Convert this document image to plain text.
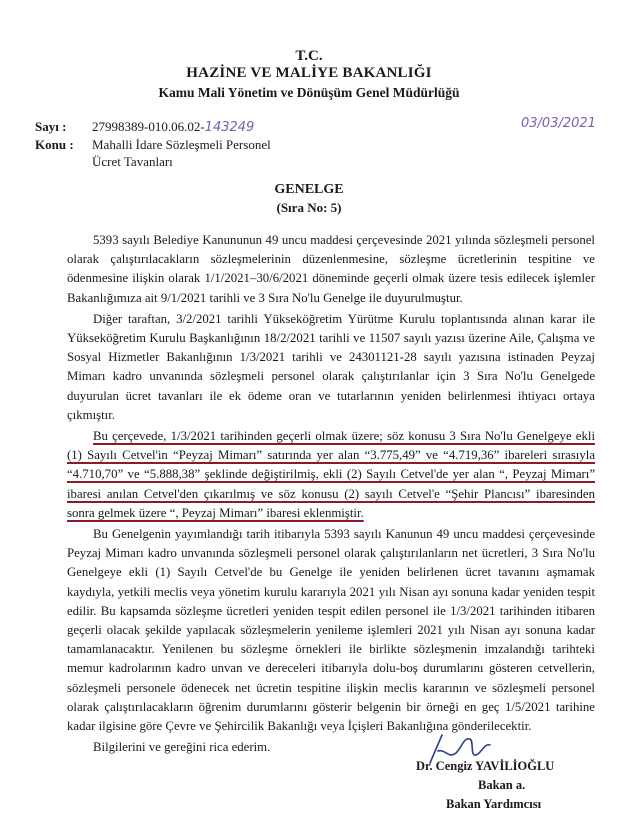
T.C.
HAZİNE VE MALİYE BAKANLIĞI
Kamu Mali Yönetim ve Dönüşüm Genel Müdürlüğü
Sayı : 27998389-010.06.02-143249	03/03/2021
Konu : Mahalli İdare Sözleşmeli Personel
Ücret Tavanları
GENELGE
(Sıra No: 5)

5393 sayılı Belediye Kanununun 49 uncu maddesi çerçevesinde 2021 yılında sözleşmeli personel olarak çalıştırılacakların sözleşmelerinin düzenlenmesine, sözleşme ücretlerinin tespitine ve ödenmesine ilişkin olarak 1/1/2021–30/6/2021 döneminde geçerli olmak üzere tesis edilecek işlemler Bakanlığımıza ait 9/1/2021 tarihli ve 3 Sıra No'lu Genelge ile duyurulmuştur.

Diğer taraftan, 3/2/2021 tarihli Yükseköğretim Yürütme Kurulu toplantısında alınan karar ile Yükseköğretim Kurulu Başkanlığının 18/2/2021 tarihli ve 11507 sayılı yazısı üzerine Aile, Çalışma ve Sosyal Hizmetler Bakanlığının 1/3/2021 tarihli ve 24301121-28 sayılı yazısına istinaden Peyzaj Mimarı kadro unvanında sözleşmeli personel olarak çalıştırılanlar için 3 Sıra No'lu Genelgede duyurulan ücret tavanları ile ek ödeme oran ve tutarlarının yeniden belirlenmesi ihtiyacı ortaya çıkmıştır.

Bu çerçevede, 1/3/2021 tarihinden geçerli olmak üzere; söz konusu 3 Sıra No'lu Genelgeye ekli (1) Sayılı Cetvel'in “Peyzaj Mimarı” satırında yer alan “3.775,49” ve “4.719,36” ibareleri sırasıyla “4.710,70” ve “5.888,38” şeklinde değiştirilmiş, ekli (2) Sayılı Cetvel'de yer alan “, Peyzaj Mimarı” ibaresi anılan Cetvel'den çıkarılmış ve söz konusu (2) sayılı Cetvel'e “Şehir Plancısı” ibaresinden sonra gelmek üzere “, Peyzaj Mimarı” ibaresi eklenmiştir.

Bu Genelgenin yayımlandığı tarih itibarıyla 5393 sayılı Kanunun 49 uncu maddesi çerçevesinde Peyzaj Mimarı kadro unvanında sözleşmeli personel olarak çalıştırılanların net ücretleri, 3 Sıra No'lu Genelgeye ekli (1) Sayılı Cetvel'de bu Genelge ile yeniden belirlenen ücret tavanını aşmamak kaydıyla, yetkili meclis veya yönetim kurulu kararıyla 2021 yılı Nisan ayı sonuna kadar yeniden tespit edilir. Bu kapsamda sözleşme ücretleri yeniden tespit edilen personel ile 1/3/2021 tarihinden itibaren geçerli olacak şekilde yapılacak sözleşmelerin yenileme işlemleri 2021 yılı Nisan ayı sonuna kadar tamamlanacaktır. Yenilenen bu sözleşme örnekleri ile birlikte sözleşmenin imzalandığı tarihteki memur kadrolarının kadro unvan ve dereceleri itibarıyla dolu-boş durumlarını gösteren cetvellerin, sözleşmeli personele ödenecek net ücretin tespitine ilişkin meclis kararının ve sözleşmeli personel olarak çalıştırılacakların öğrenim durumlarını gösterir belgenin bir örneği en geç 1/5/2021 tarihine kadar ilgisine göre Çevre ve Şehircilik Bakanlığı veya İçişleri Bakanlığına gönderilecektir.

Bilgilerini ve gereğini rica ederim.

Dr. Cengiz YAVİLİOĞLU
Bakan a.
Bakan Yardımcısı
